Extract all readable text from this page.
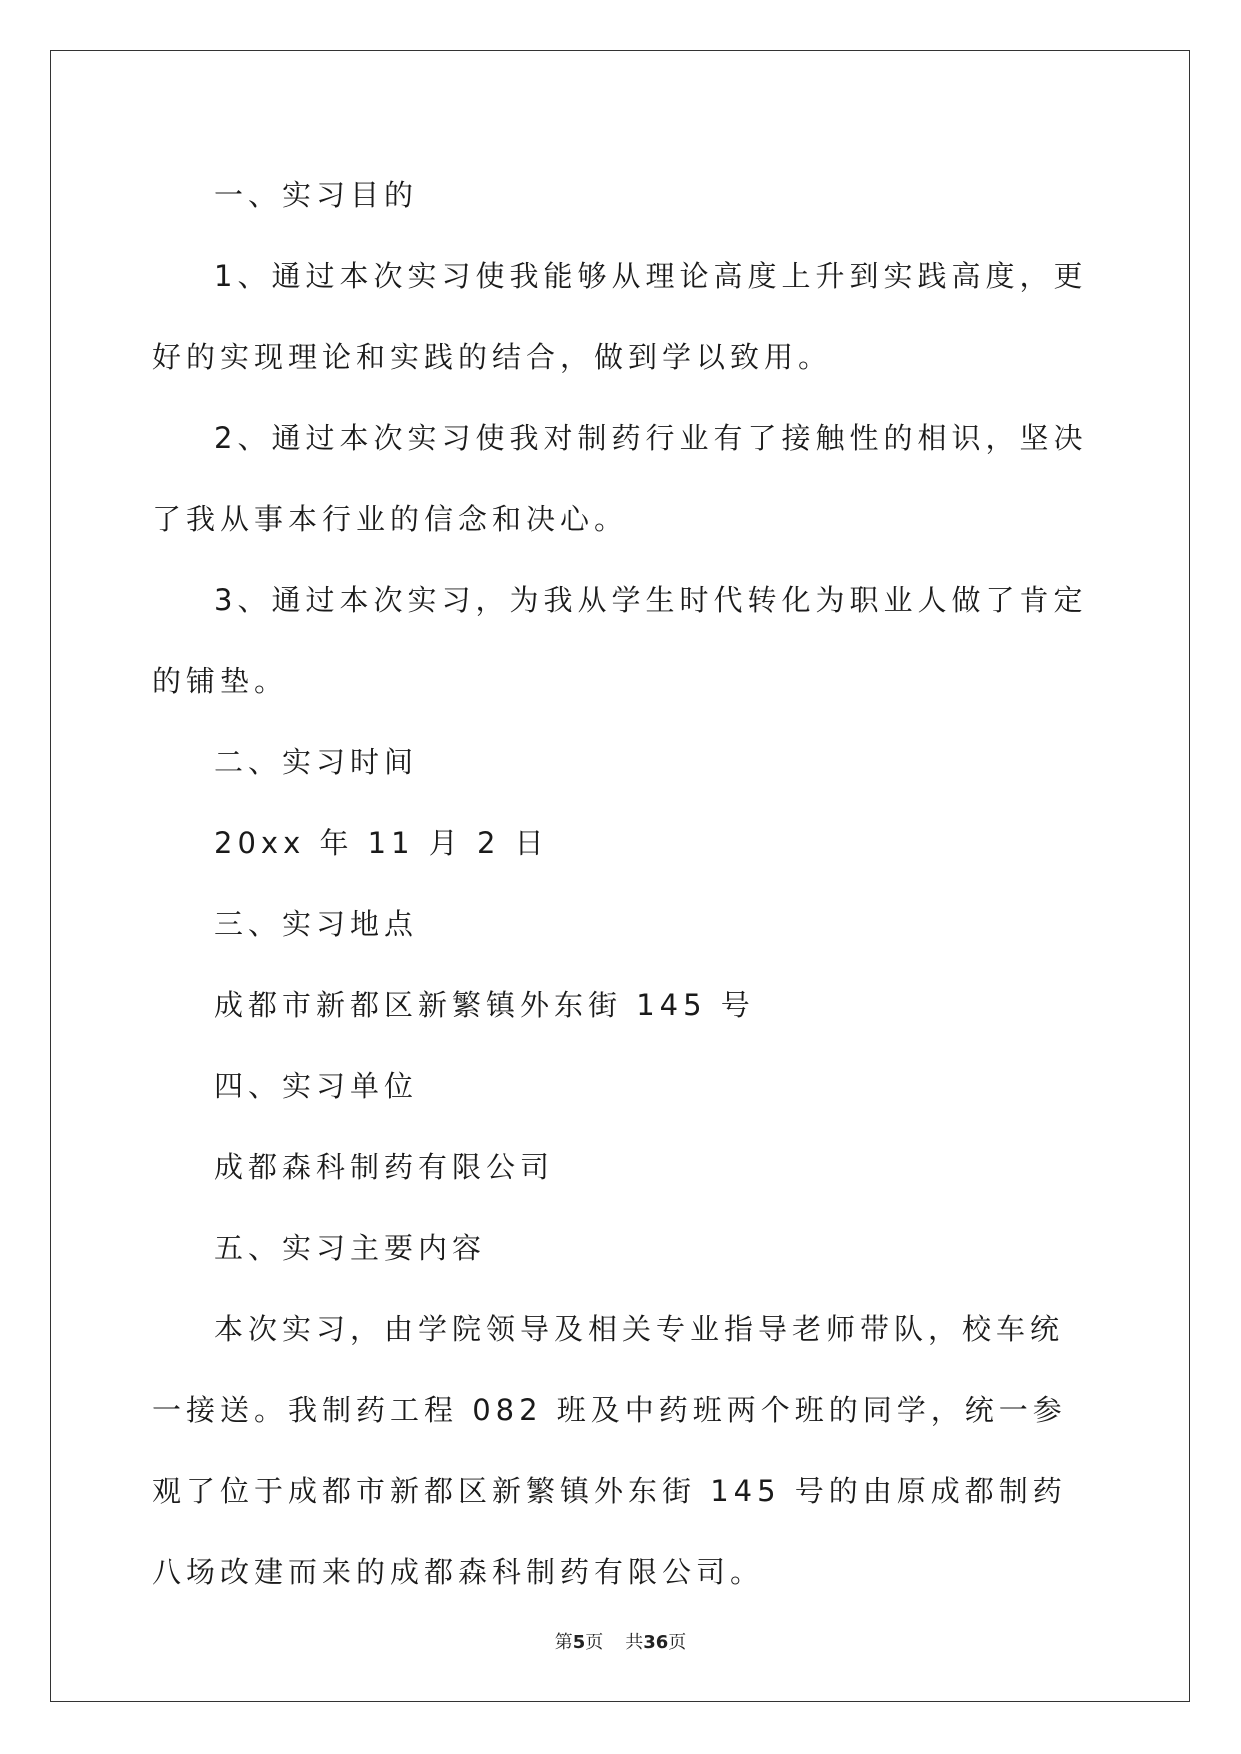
一、实习目的

1、通过本次实习使我能够从理论高度上升到实践高度，更好的实现理论和实践的结合，做到学以致用。

2、通过本次实习使我对制药行业有了接触性的相识，坚决了我从事本行业的信念和决心。

3、通过本次实习，为我从学生时代转化为职业人做了肯定的铺垫。

二、实习时间

20xx 年 11 月 2 日

三、实习地点

成都市新都区新繁镇外东街 145 号

四、实习单位

成都森科制药有限公司

五、实习主要内容

本次实习，由学院领导及相关专业指导老师带队，校车统一接送。我制药工程 082 班及中药班两个班的同学，统一参观了位于成都市新都区新繁镇外东街 145 号的由原成都制药八场改建而来的成都森科制药有限公司。

第5页 共36页
